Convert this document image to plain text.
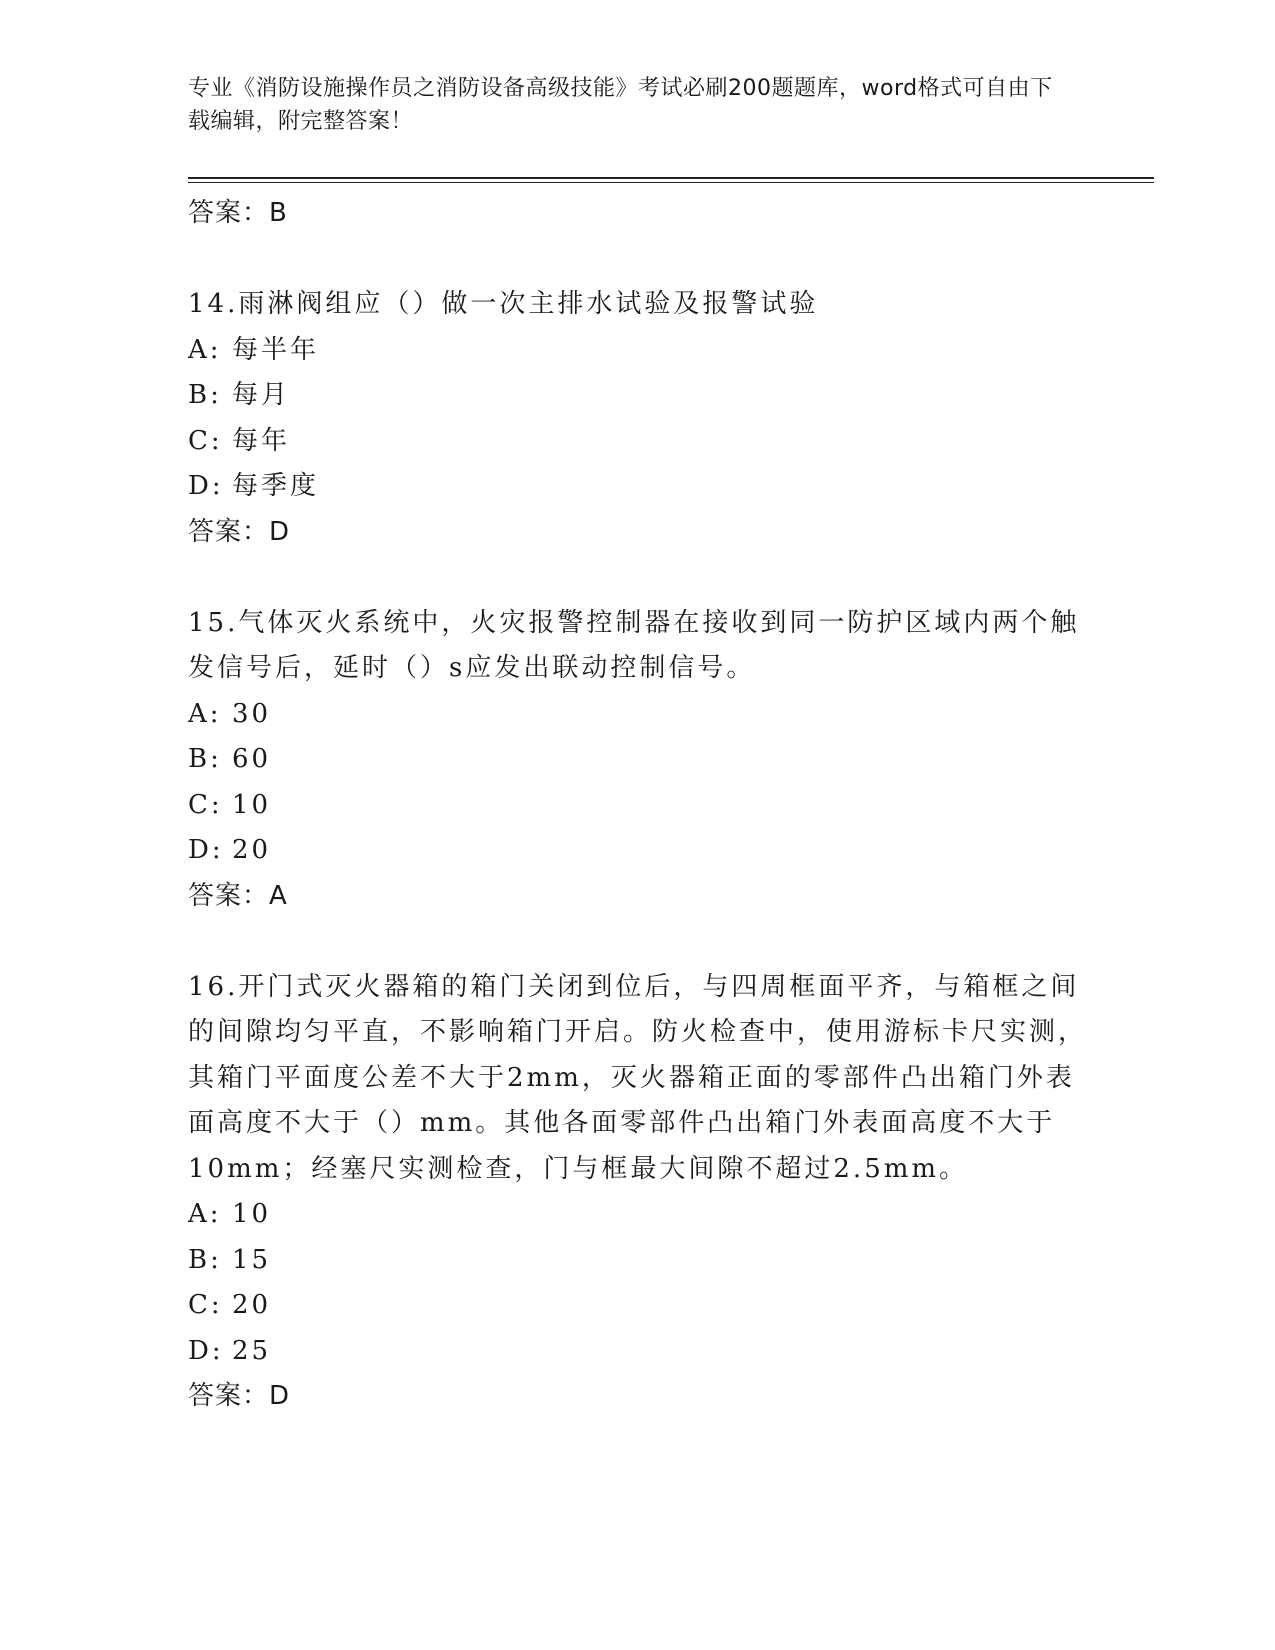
专业《消防设施操作员之消防设备高级技能》考试必刷200题题库，word格式可自由下载编辑，附完整答案！
答案：B
14.雨淋阀组应（）做一次主排水试验及报警试验
A: 每半年
B: 每月
C: 每年
D: 每季度
答案：D
15.气体灭火系统中，火灾报警控制器在接收到同一防护区域内两个触发信号后，延时（）s应发出联动控制信号。
A: 30
B: 60
C: 10
D: 20
答案：A
16.开门式灭火器箱的箱门关闭到位后，与四周框面平齐，与箱框之间的间隙均匀平直，不影响箱门开启。防火检查中，使用游标卡尺实测，其箱门平面度公差不大于2mm，灭火器箱正面的零部件凸出箱门外表面高度不大于（）mm。其他各面零部件凸出箱门外表面高度不大于10mm；经塞尺实测检查，门与框最大间隙不超过2.5mm。
A: 10
B: 15
C: 20
D: 25
答案：D
